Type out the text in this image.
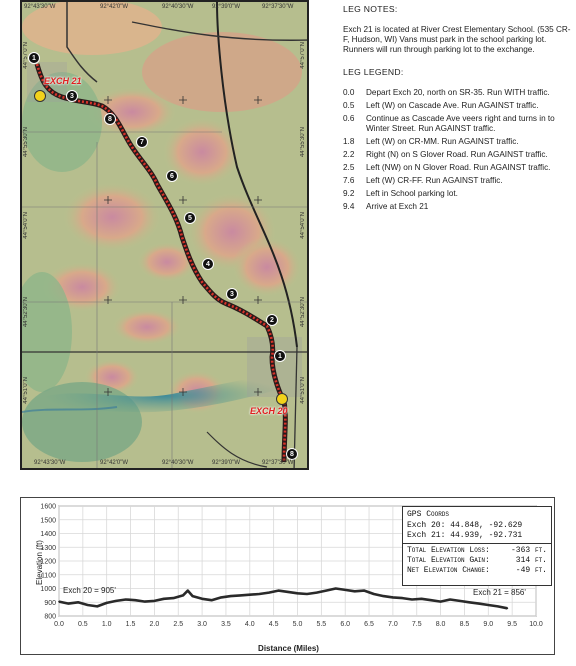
1
3
8
7
6
5
4
3
2
1
8
EXCH 21
EXCH 20
92°43'30"W	92°42'0"W	92°40'30"W	92°39'0"W	92°37'30"W
92°43'30"W	92°42'0"W	92°40'30"W	92°39'0"W	92°37'30"W
44°57'0"N
44°55'30"N
44°54'0"N
44°52'30"N
44°51'0"N
44°57'0"N
44°55'30"N
44°54'0"N
44°52'30"N
44°51'0"N
LEG NOTES:

Exch 21 is located at River Crest Elementary School. (535 CR-F, Hudson, WI) Vans must park in the school parking lot. Runners will run through parking lot to the exchange.

LEG LEGEND:
0.0	Depart Exch 20, north on SR-35. Run WITH traffic.
0.5	Left (W) on Cascade Ave. Run AGAINST traffic.
0.6	Continue as Cascade Ave veers right and turns in to Winter Street. Run AGAINST traffic.
1.8	Left (W) on CR-MM. Run AGAINST traffic.
2.2	Right (N) on S Glover Road. Run AGAINST traffic.
2.5	Left (NW) on N Glover Road. Run AGAINST traffic.
7.6	Left (W) CR-FF. Run AGAINST traffic.
9.2	Left in School parking lot.
9.4	Arrive at Exch 21
800
900
1000
1100
1200
1300
1400
1500
1600
0.0 0.5 1.0 1.5 2.0 2.5 3.0 3.5 4.0 4.5 5.0 5.5 6.0 6.5 7.0 7.5 8.0 8.5 9.0 9.5 10.0
Elevation (ft)
Distance (Miles)
Exch 20 = 905'	Exch 21 = 856'
GPS Coords
Exch 20: 44.848, -92.629
Exch 21: 44.939, -92.731
Total Elevation Loss:	-363 ft.
Total Elevation Gain:	314 ft.
Net Elevation Change:	-49 ft.
